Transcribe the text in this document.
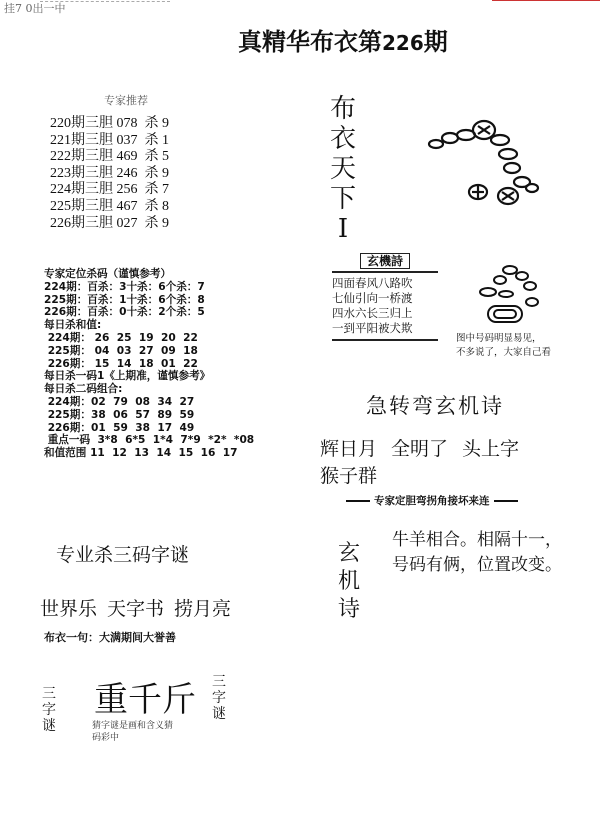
挂7 0出一中
真精华布衣第226期
专家推荐
220期三胆 078  杀 9
221期三胆 037  杀 1
222期三胆 469  杀 5
223期三胆 246  杀 9
224期三胆 256  杀 7
225期三胆 467  杀 8
226期三胆 027  杀 9
专家定位杀码（谨慎参考）
224期：百杀：3十杀：6个杀：7
225期：百杀：1十杀：6个杀：8
226期：百杀：0十杀：2个杀：5
每日杀和值:
224期： 26  25  19  20  22
225期： 04  03  27  09  18
226期： 15  14  18  01  22
每日杀一码1《上期准，谨慎参考》
每日杀二码组合:
224期：02  79  08  34  27
225期：38  06  57  89  59
226期：01  59  38  17  49
重点一码  3*8  6*5  1*4  7*9  *2*  *08
和值范围 11  12  13  14  15  16  17
布
衣
天
下
I
玄機詩
四面春风八路吹
七仙引向一桥渡
四水六长三归上
一到平阳被犬欺
图中号码明显易见，
不多说了，大家自己看
急转弯玄机诗
辉日月 全明了 头上字猴子群
专家定胆弯拐角接坏来连
玄
机
诗
牛羊相合。相隔十一，
号码有俩，位置改变。
专业杀三码字谜
世界乐 天字书 捞月亮
布衣一句：大满期间大誉善
重千斤
三
字
谜
三
字
谜
猜字谜是画和含义猜
码彩中
